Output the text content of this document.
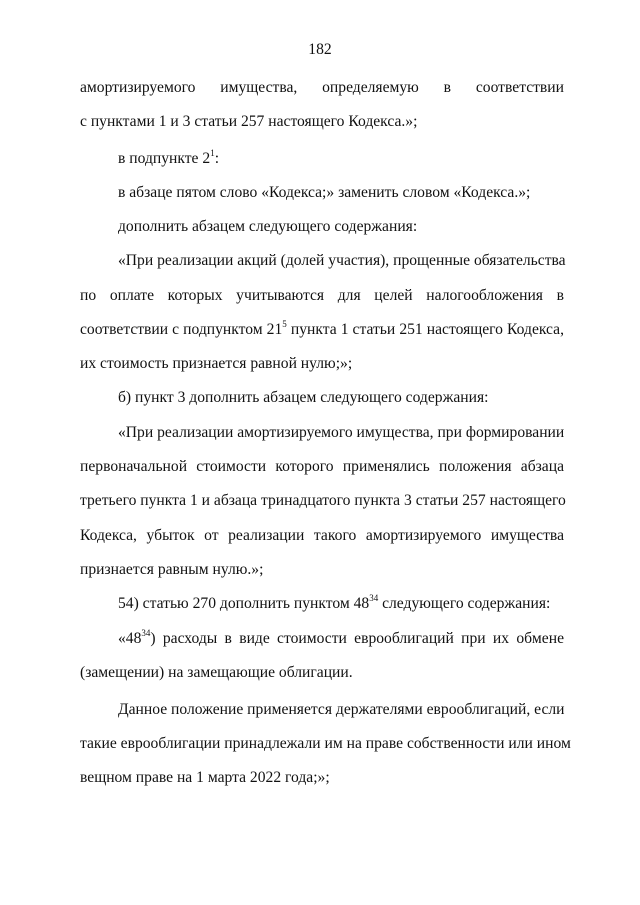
182
амортизируемого имущества, определяемую в соответствии
с пунктами 1 и 3 статьи 257 настоящего Кодекса.»;
в подпункте $2^1$:
в абзаце пятом слово «Кодекса;» заменить словом «Кодекса.»;
дополнить абзацем следующего содержания:
«При реализации акций (долей участия), прощенные обязательства
по оплате которых учитываются для целей налогообложения в
соответствии с подпунктом $21^5$ пункта 1 статьи 251 настоящего Кодекса,
их стоимость признается равной нулю;»;
б) пункт 3 дополнить абзацем следующего содержания:
«При реализации амортизируемого имущества, при формировании
первоначальной стоимости которого применялись положения абзаца
третьего пункта 1 и абзаца тринадцатого пункта 3 статьи 257 настоящего
Кодекса, убыток от реализации такого амортизируемого имущества
признается равным нулю.»;
54) статью 270 дополнить пунктом $48^{34}$ следующего содержания:
«$48^{34}$) расходы в виде стоимости еврооблигаций при их обмене
(замещении) на замещающие облигации.
Данное положение применяется держателями еврооблигаций, если
такие еврооблигации принадлежали им на праве собственности или ином
вещном праве на 1 марта 2022 года;»;
